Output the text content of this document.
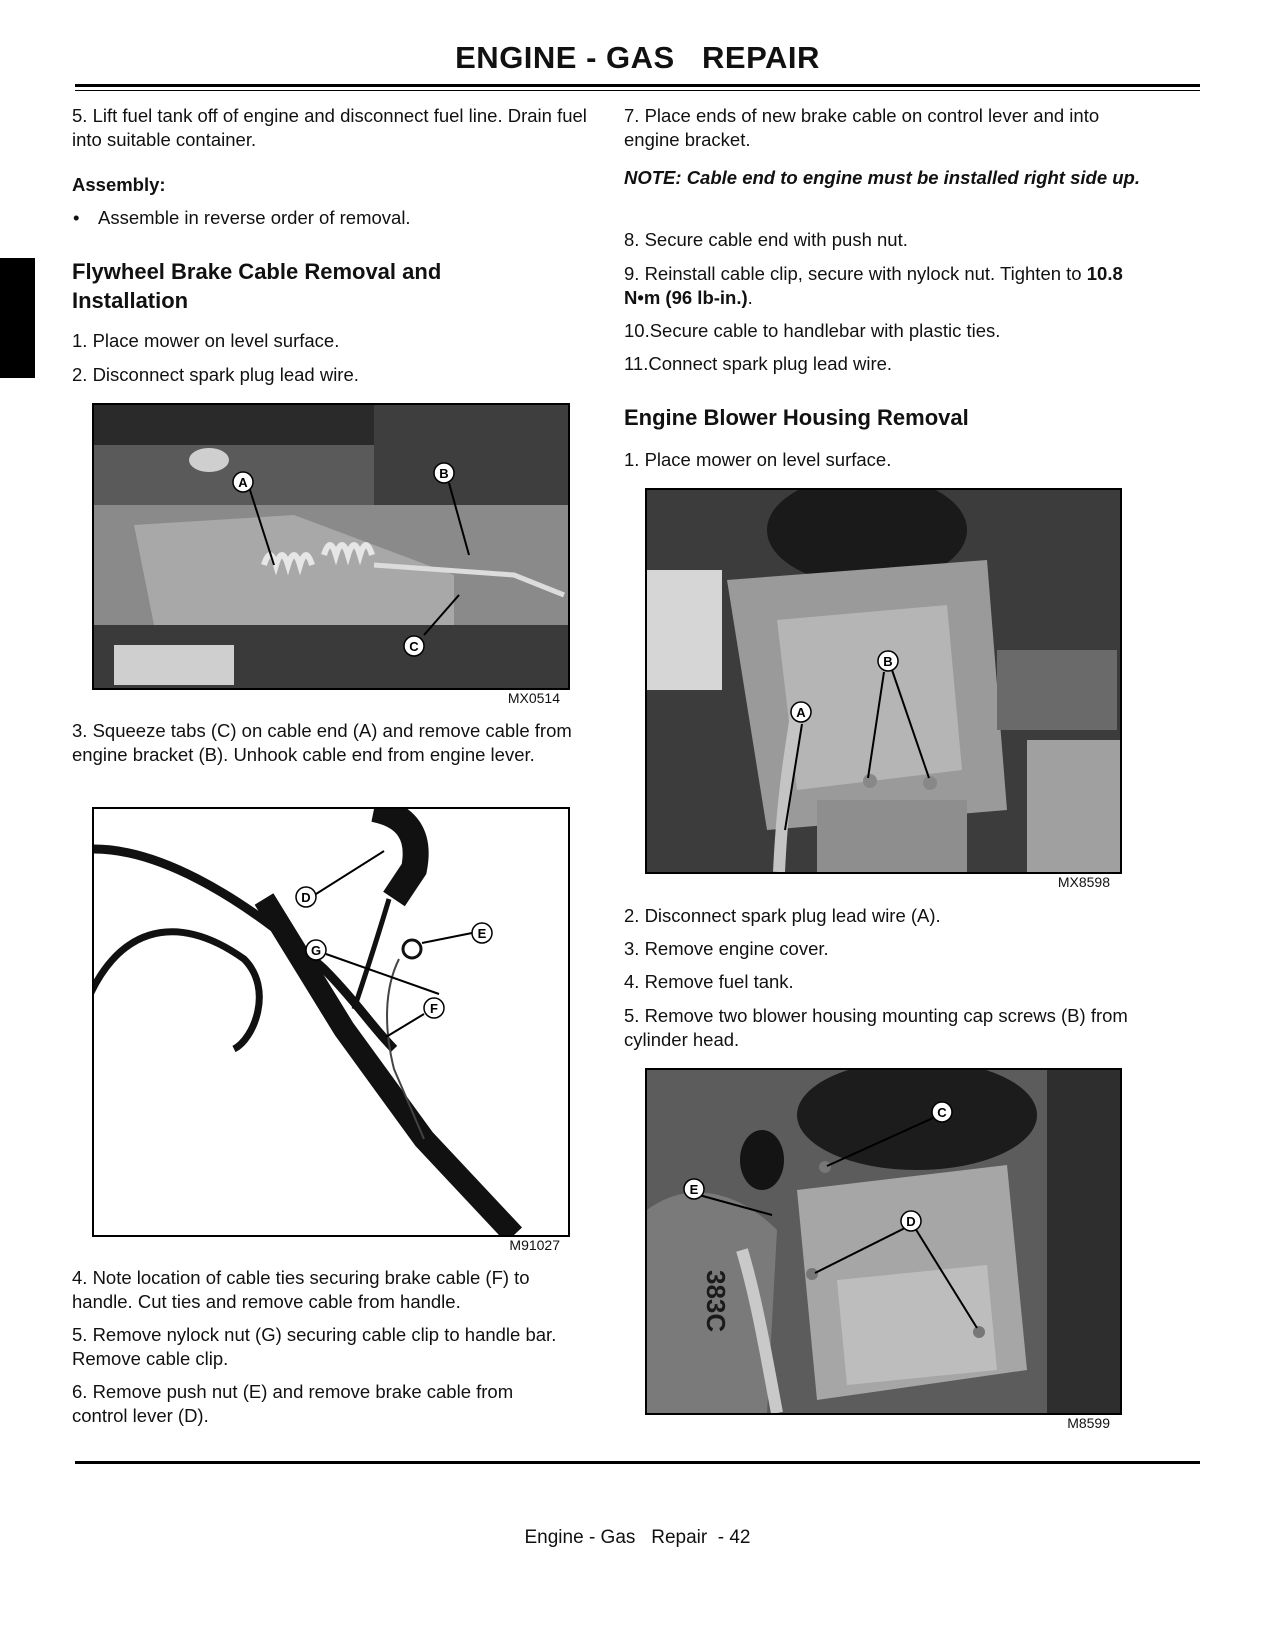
ENGINE - GAS   REPAIR
5. Lift fuel tank off of engine and disconnect fuel line. Drain fuel into suitable container.
Assembly:
• Assemble in reverse order of removal.
Flywheel Brake Cable Removal and Installation
1. Place mower on level surface.
2. Disconnect spark plug lead wire.
A
B
C
MX0514
3. Squeeze tabs (C) on cable end (A) and remove cable from engine bracket (B). Unhook cable end from engine lever.
D
E
F
G
M91027
4. Note location of cable ties securing brake cable (F) to handle. Cut ties and remove cable from handle.
5. Remove nylock nut (G) securing cable clip to handle bar. Remove cable clip.
6. Remove push nut (E) and remove brake cable from control lever (D).
7. Place ends of new brake cable on control lever and into engine bracket.
NOTE: Cable end to engine must be installed right side up.
8. Secure cable end with push nut.
9. Reinstall cable clip, secure with nylock nut. Tighten to 10.8 N•m (96 lb-in.).
10.Secure cable to handlebar with plastic ties.
11.Connect spark plug lead wire.
Engine Blower Housing Removal
1. Place mower on level surface.
A
B
MX8598
2. Disconnect spark plug lead wire (A).
3. Remove engine cover.
4. Remove fuel tank.
5. Remove two blower housing mounting cap screws (B) from cylinder head.
C
E
D
383C
M8599
Engine - Gas   Repair  - 42
